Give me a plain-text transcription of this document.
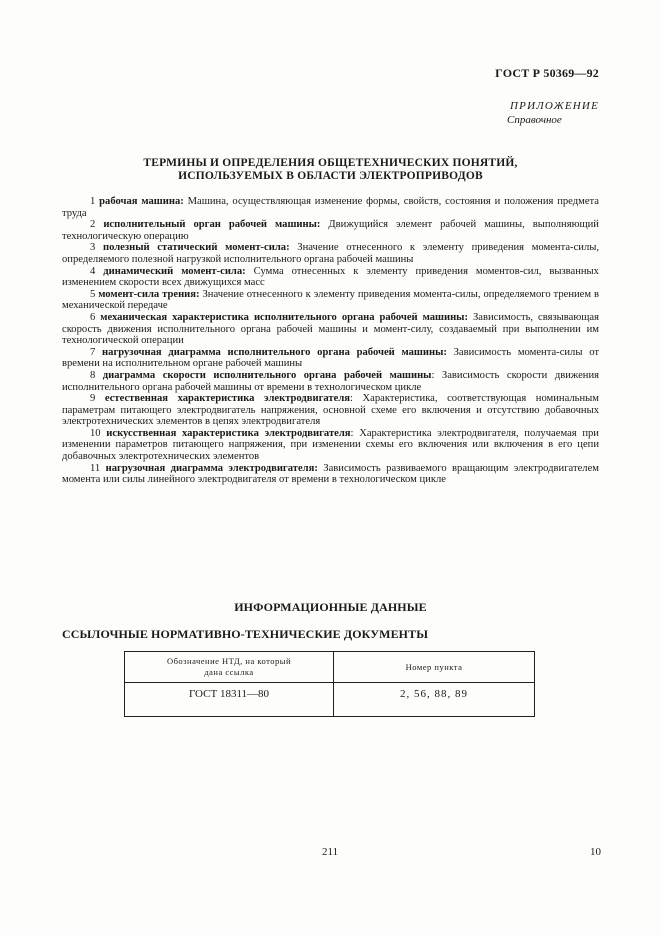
ГОСТ Р 50369—92
ПРИЛОЖЕНИЕ
Справочное
ТЕРМИНЫ И ОПРЕДЕЛЕНИЯ ОБЩЕТЕХНИЧЕСКИХ ПОНЯТИЙ,
ИСПОЛЬЗУЕМЫХ В ОБЛАСТИ ЭЛЕКТРОПРИВОДОВ

1 рабочая машина: Машина, осуществляющая изменение формы, свойств, состояния и положения предмета труда

2 исполнительный орган рабочей машины: Движущийся элемент рабочей машины, выполняющий технологическую операцию

3 полезный статический момент-сила: Значение отнесенного к элементу приведения момента-силы, определяемого полезной нагрузкой исполнительного органа рабочей машины

4 динамический момент-сила: Сумма отнесенных к элементу приведения моментов-сил, вызванных изменением скорости всех движущихся масс

5 момент-сила трения: Значение отнесенного к элементу приведения момента-силы, определяемого трением в механической передаче

6 механическая характеристика исполнительного органа рабочей машины: Зависимость, связывающая скорость движения исполнительного органа рабочей машины и момент-силу, создаваемый при выполнении им технологической операции

7 нагрузочная диаграмма исполнительного органа рабочей машины: Зависимость момента-силы от времени на исполнительном органе рабочей машины

8 диаграмма скорости исполнительного органа рабочей машины: Зависимость скорости движения исполнительного органа рабочей машины от времени в технологическом цикле

9 естественная характеристика электродвигателя: Характеристика, соответствующая номинальным параметрам питающего электродвигатель напряжения, основной схеме его включения и отсутствию добавочных электротехнических элементов в цепях электродвигателя

10 искусственная характеристика электродвигателя: Характеристика электродвигателя, получаемая при изменении параметров питающего напряжения, при изменении схемы его включения или включения в его цепи добавочных электротехнических элементов

11 нагрузочная диаграмма электродвигателя: Зависимость развиваемого вращающим электродвигателем момента или силы линейного электродвигателя от времени в технологическом цикле

ИНФОРМАЦИОННЫЕ ДАННЫЕ
ССЫЛОЧНЫЕ НОРМАТИВНО-ТЕХНИЧЕСКИЕ ДОКУМЕНТЫ
Обозначение НТД, на который
дана ссылка	Номер пункта
ГОСТ 18311—80	2, 56, 88, 89
211	10
